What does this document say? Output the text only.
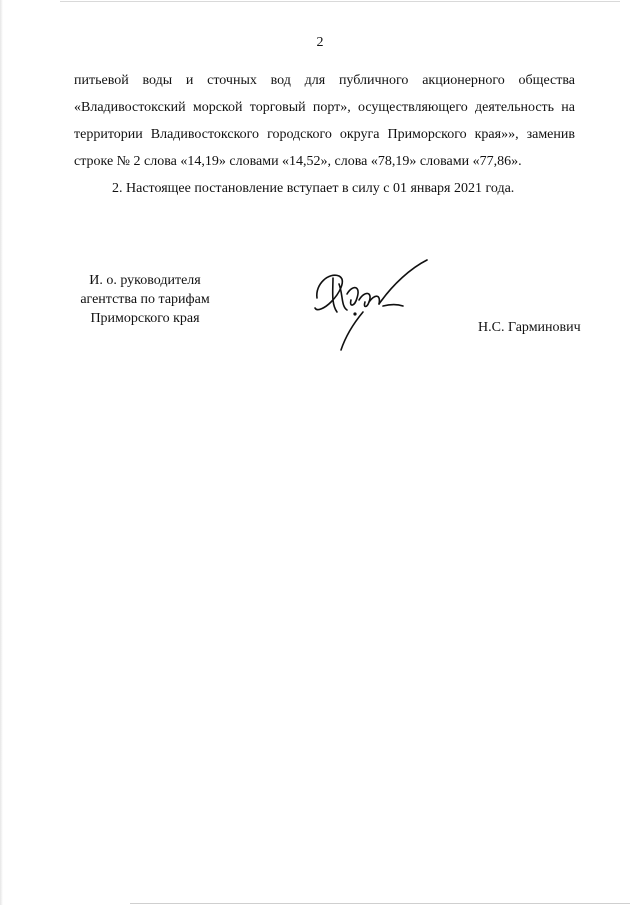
2

питьевой воды и сточных вод для публичного акционерного общества «Владивостокский морской торговый порт», осуществляющего деятельность на территории Владивостокского городского округа Приморского края»», заменив строке № 2 слова «14,19» словами «14,52», слова «78,19» словами «77,86».

2. Настоящее постановление вступает в силу с 01 января 2021 года.

И. о. руководителя
агентства по тарифам
Приморского края
Н.С. Гарминович
